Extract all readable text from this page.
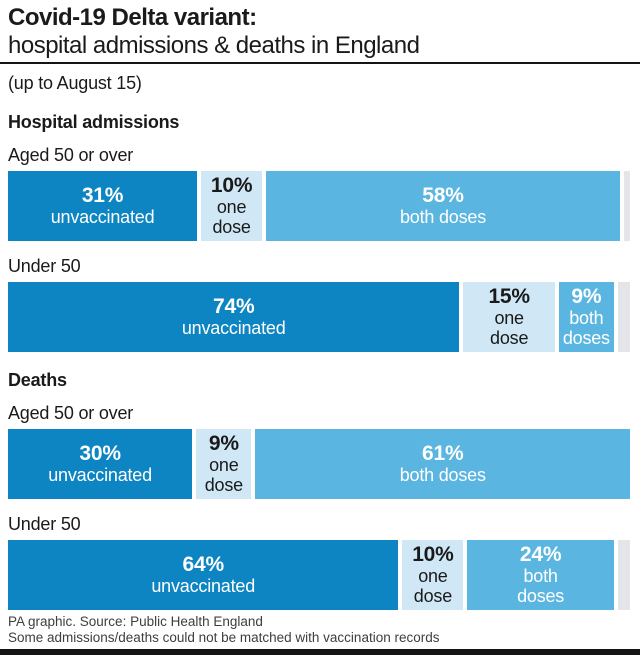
Covid-19 Delta variant:
hospital admissions & deaths in England
(up to August 15)
Hospital admissions
Aged 50 or over
31%
unvaccinated
10%
one
dose
58%
both doses
Under 50
74%
unvaccinated
15%
one
dose
9%
both
doses
Deaths
Aged 50 or over
30%
unvaccinated
9%
one
dose
61%
both doses
Under 50
64%
unvaccinated
10%
one
dose
24%
both
doses
PA graphic. Source: Public Health England
Some admissions/deaths could not be matched with vaccination records
